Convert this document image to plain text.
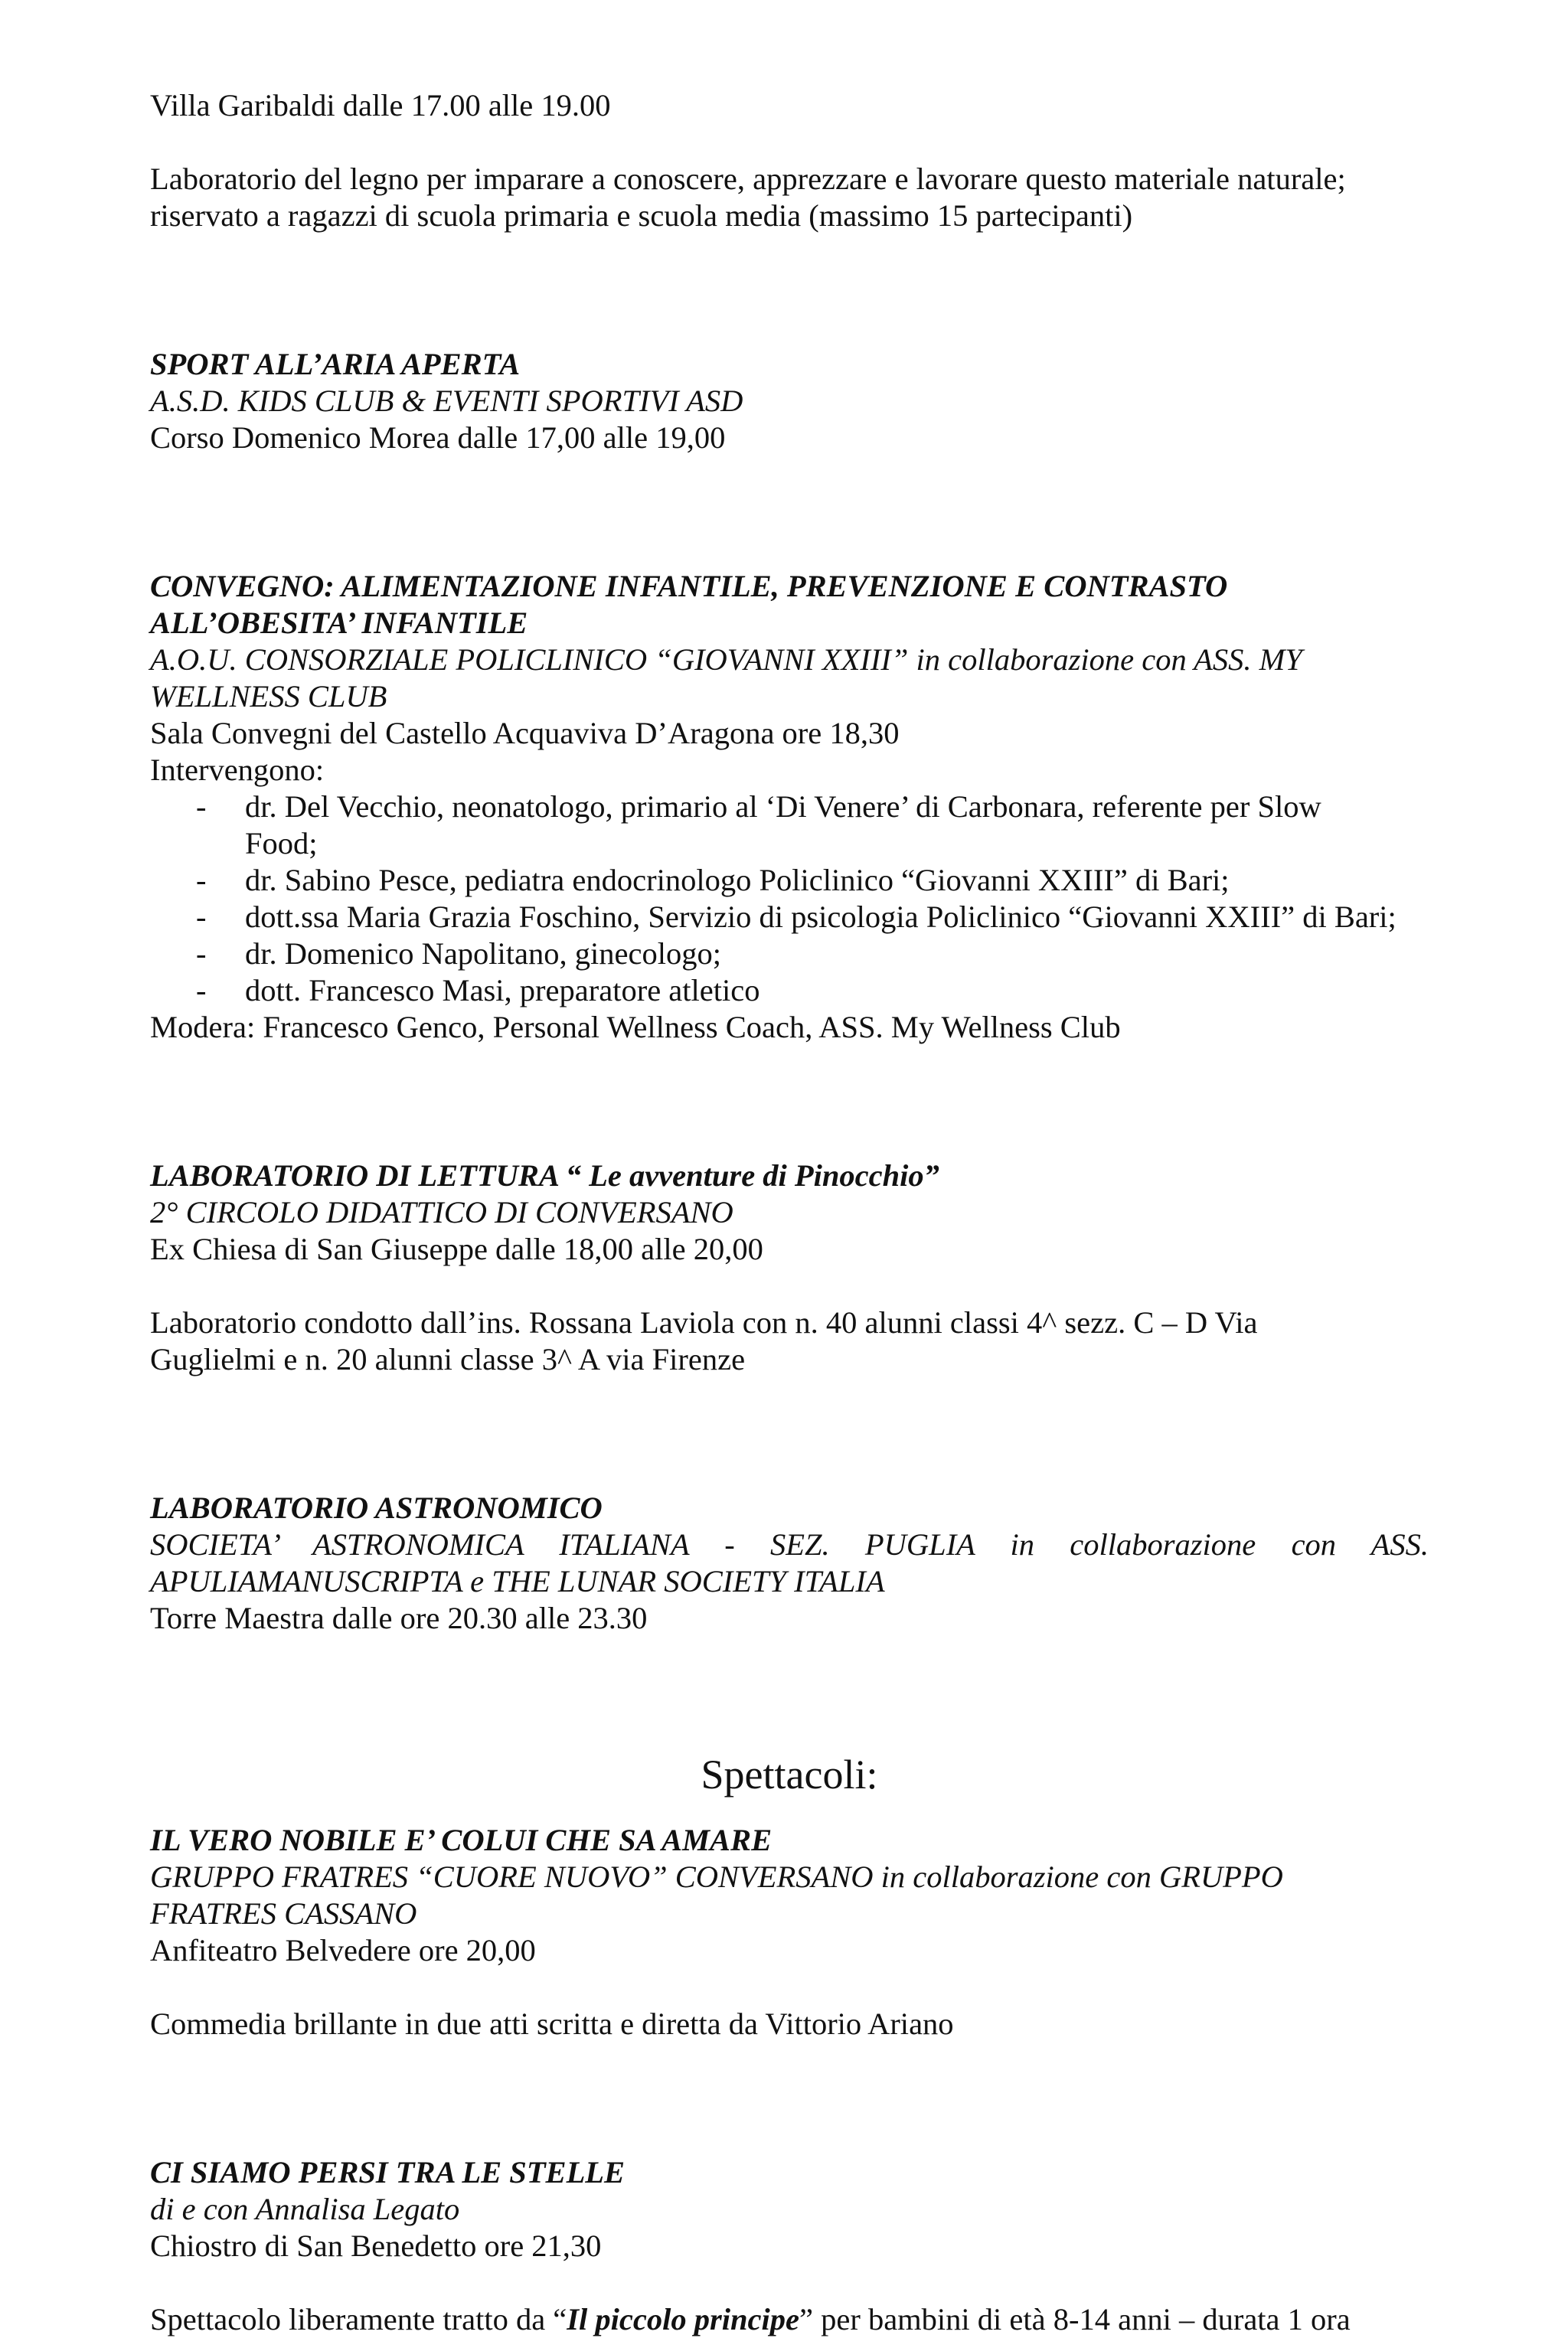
Villa Garibaldi dalle 17.00 alle 19.00
Laboratorio del legno per imparare a conoscere, apprezzare e lavorare questo materiale naturale;
riservato a ragazzi di scuola primaria e scuola media (massimo 15 partecipanti)
SPORT ALL’ARIA APERTA
A.S.D. KIDS CLUB & EVENTI SPORTIVI ASD
Corso Domenico Morea dalle 17,00 alle 19,00
CONVEGNO: ALIMENTAZIONE INFANTILE, PREVENZIONE E CONTRASTO
ALL’OBESITA’ INFANTILE
A.O.U. CONSORZIALE POLICLINICO “GIOVANNI XXIII” in collaborazione con ASS. MY
WELLNESS CLUB
Sala Convegni del Castello Acquaviva D’Aragona ore 18,30
Intervengono:
- dr. Del Vecchio, neonatologo, primario al ‘Di Venere’ di Carbonara, referente per Slow
Food;
- dr. Sabino Pesce, pediatra endocrinologo Policlinico “Giovanni XXIII” di Bari;
- dott.ssa Maria Grazia Foschino, Servizio di psicologia Policlinico “Giovanni XXIII” di Bari;
- dr. Domenico Napolitano, ginecologo;
- dott. Francesco Masi, preparatore atletico
Modera: Francesco Genco, Personal Wellness Coach, ASS. My Wellness Club
LABORATORIO DI LETTURA “ Le avventure di Pinocchio”
2° CIRCOLO DIDATTICO DI CONVERSANO
Ex Chiesa di San Giuseppe dalle 18,00 alle 20,00
Laboratorio condotto dall’ins. Rossana Laviola con n. 40 alunni classi 4^ sezz. C – D Via
Guglielmi e n. 20 alunni classe 3^ A via Firenze
LABORATORIO ASTRONOMICO
SOCIETA’ ASTRONOMICA ITALIANA - SEZ. PUGLIA in collaborazione con ASS.
APULIAMANUSCRIPTA e THE LUNAR SOCIETY ITALIA
Torre Maestra dalle ore 20.30 alle 23.30
Spettacoli:
IL VERO NOBILE E’ COLUI CHE SA AMARE
GRUPPO FRATRES “CUORE NUOVO” CONVERSANO in collaborazione con GRUPPO
FRATRES CASSANO
Anfiteatro Belvedere ore 20,00
Commedia brillante in due atti scritta e diretta da Vittorio Ariano
CI SIAMO PERSI TRA LE STELLE
di e con Annalisa Legato
Chiostro di San Benedetto ore 21,30
Spettacolo liberamente tratto da “Il piccolo principe” per bambini di età 8-14 anni – durata 1 ora
